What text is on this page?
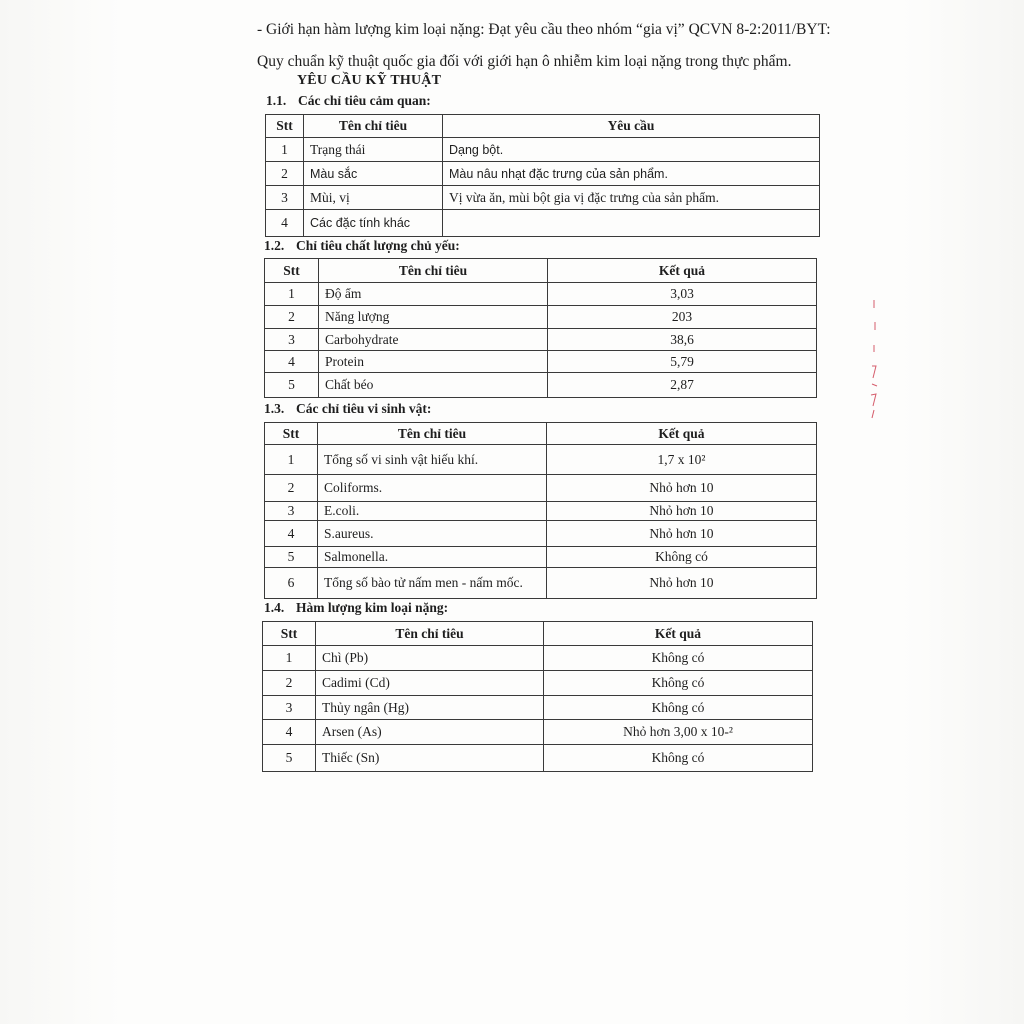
- Giới hạn hàm lượng kim loại nặng: Đạt yêu cầu theo nhóm “gia vị” QCVN 8-2:2011/BYT:

Quy chuẩn kỹ thuật quốc gia đối với giới hạn ô nhiễm kim loại nặng trong thực phẩm.

YÊU CẦU KỸ THUẬT
1.1. Các chỉ tiêu cảm quan:
Stt	Tên chỉ tiêu	Yêu cầu
1	Trạng thái	Dạng bột.
2	Màu sắc	Màu nâu nhạt đặc trưng của sản phẩm.
3	Mùi, vị	Vị vừa ăn, mùi bột gia vị đặc trưng của sản phẩm.
4	Các đặc tính khác	
1.2. Chỉ tiêu chất lượng chủ yếu:
Stt	Tên chỉ tiêu	Kết quả
1	Độ ẩm	3,03
2	Năng lượng	203
3	Carbohydrate	38,6
4	Protein	5,79
5	Chất béo	2,87
1.3. Các chỉ tiêu vi sinh vật:
Stt	Tên chỉ tiêu	Kết quả
1	Tổng số vi sinh vật hiếu khí.	1,7 x 10²
2	Coliforms.	Nhỏ hơn 10
3	E.coli.	Nhỏ hơn 10
4	S.aureus.	Nhỏ hơn 10
5	Salmonella.	Không có
6	Tổng số bào tử nấm men - nấm mốc.	Nhỏ hơn 10
1.4. Hàm lượng kim loại nặng:
Stt	Tên chỉ tiêu	Kết quả
1	Chì (Pb)	Không có
2	Cadimi (Cd)	Không có
3	Thủy ngân (Hg)	Không có
4	Arsen (As)	Nhỏ hơn 3,00 x 10-²
5	Thiếc (Sn)	Không có
